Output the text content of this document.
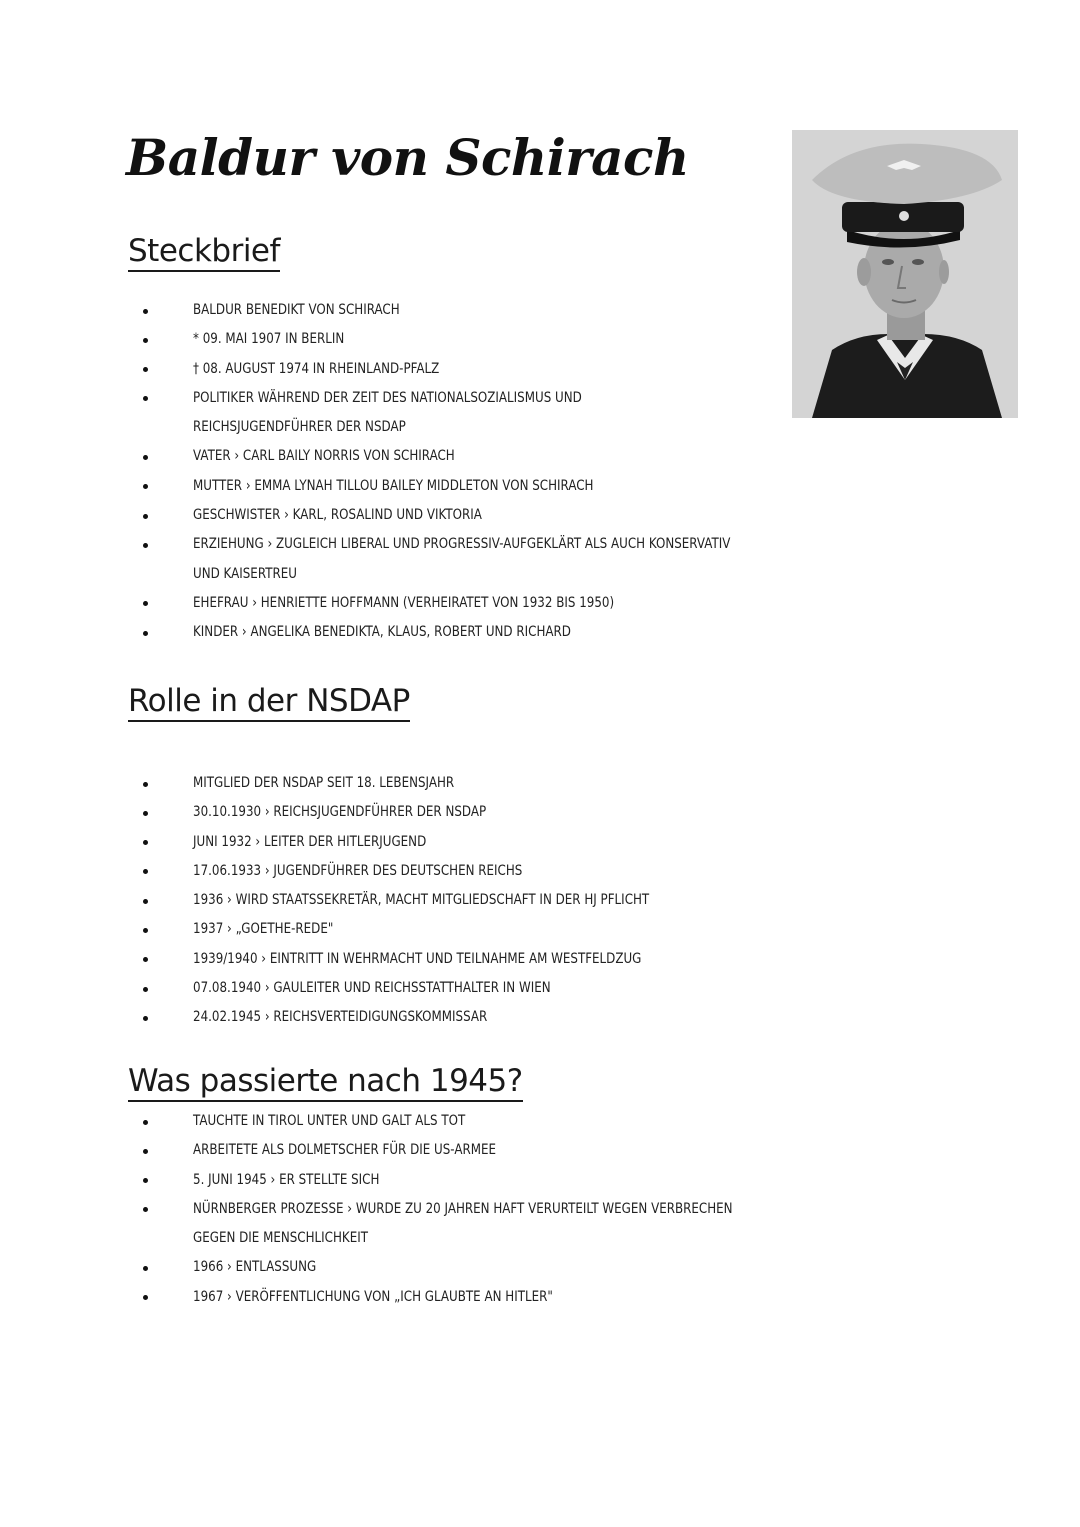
Baldur von Schirach
Steckbrief
BALDUR BENEDIKT VON SCHIRACH
* 09. MAI 1907 IN BERLIN
† 08. AUGUST 1974 IN RHEINLAND-PFALZ
POLITIKER WÄHREND DER ZEIT DES NATIONALSOZIALISMUS UND
REICHSJUGENDFÜHRER DER NSDAP
VATER › CARL BAILY NORRIS VON SCHIRACH
MUTTER › EMMA LYNAH TILLOU BAILEY MIDDLETON VON SCHIRACH
GESCHWISTER › KARL, ROSALIND UND VIKTORIA
ERZIEHUNG › ZUGLEICH LIBERAL UND PROGRESSIV-AUFGEKLÄRT ALS AUCH KONSERVATIV
UND KAISERTREU
EHEFRAU › HENRIETTE HOFFMANN (VERHEIRATET VON 1932 BIS 1950)
KINDER › ANGELIKA BENEDIKTA, KLAUS, ROBERT UND RICHARD
Rolle in der NSDAP
MITGLIED DER NSDAP SEIT 18. LEBENSJAHR
30.10.1930 › REICHSJUGENDFÜHRER DER NSDAP
JUNI 1932 › LEITER DER HITLERJUGEND
17.06.1933 › JUGENDFÜHRER DES DEUTSCHEN REICHS
1936 › WIRD STAATSSEKRETÄR, MACHT MITGLIEDSCHAFT IN DER HJ PFLICHT
1937 › „GOETHE-REDE"
1939/1940 › EINTRITT IN WEHRMACHT UND TEILNAHME AM WESTFELDZUG
07.08.1940 › GAULEITER UND REICHSSTATTHALTER IN WIEN
24.02.1945 › REICHSVERTEIDIGUNGSKOMMISSAR
Was passierte nach 1945?
TAUCHTE IN TIROL UNTER UND GALT ALS TOT
ARBEITETE ALS DOLMETSCHER FÜR DIE US-ARMEE
5. JUNI 1945 › ER STELLTE SICH
NÜRNBERGER PROZESSE › WURDE ZU 20 JAHREN HAFT VERURTEILT WEGEN VERBRECHEN
GEGEN DIE MENSCHLICHKEIT
1966 › ENTLASSUNG
1967 › VERÖFFENTLICHUNG VON „ICH GLAUBTE AN HITLER"
